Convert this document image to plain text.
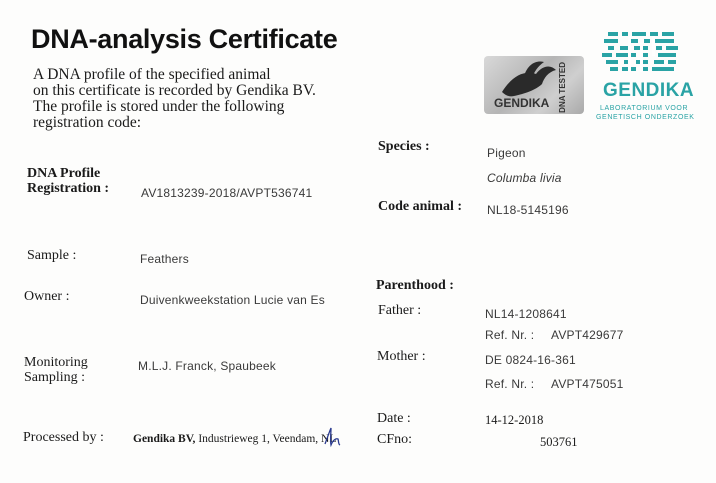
DNA-analysis Certificate
A DNA profile of the specified animal
on this certificate is recorded by Gendika BV.
The profile is stored under the following
registration code:
GENDIKA DNA TESTED GENDIKA
LABORATORIUM VOOR
GENETISCH ONDERZOEK
DNA Profile
Registration :	AV1813239-2018/AVPT536741
Sample :	Feathers
Owner :	Duivenkweekstation Lucie van Es
Monitoring
Sampling :
M.L.J. Franck, Spaubeek
Processed by :	Gendika BV, Industrieweg 1, Veendam, NL
Species :	Pigeon
Columba livia
Code animal : NL18-5145196
Parenthood :
Father :	NL14-1208641
Ref. Nr. : AVPT429677
Mother :	DE 0824-16-361
Ref. Nr. : AVPT475051
Date :	14-12-2018
CFno:	503761
